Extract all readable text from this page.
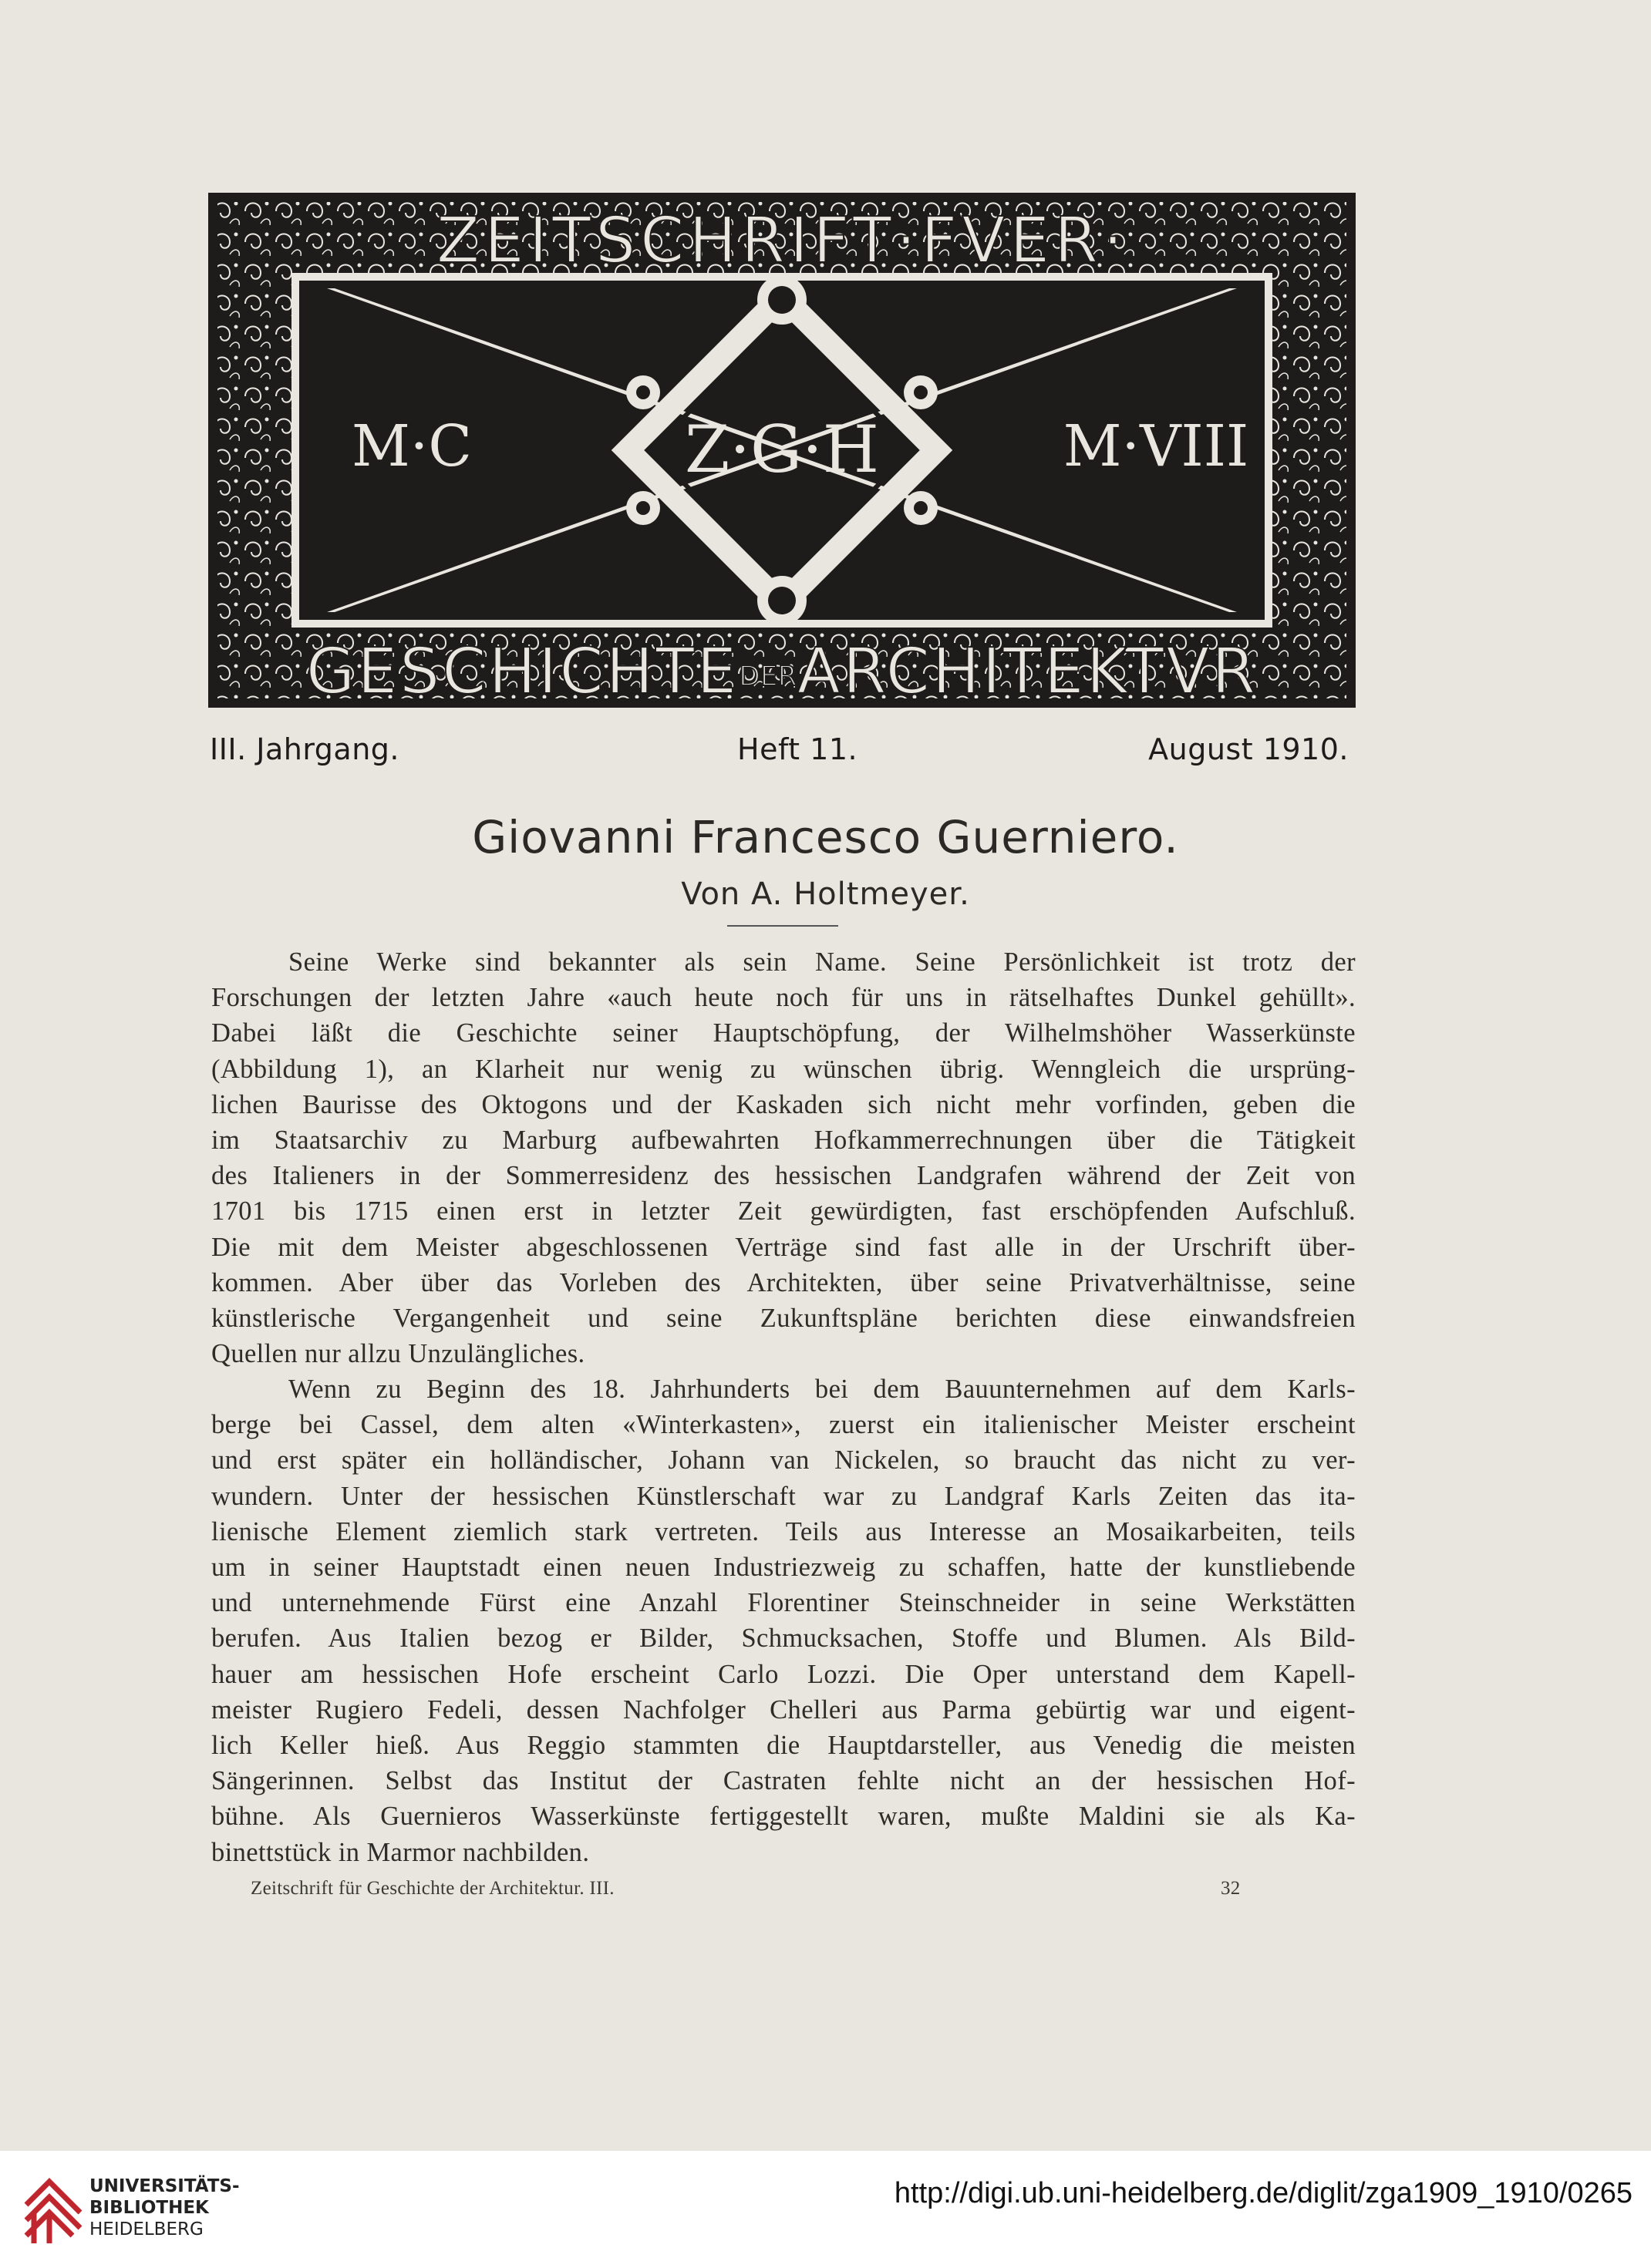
ZEITSCHRIFT·FVER·
GESCHICHTEDERARCHITEKTVR
M·C	M·VIII
Z·G·H
III. Jahrgang.	Heft 11.	August 1910.
Giovanni Francesco Guerniero.
Von A. Holtmeyer.
Seine Werke sind bekannter als sein Name. Seine Persönlichkeit ist trotz der
Forschungen der letzten Jahre «auch heute noch für uns in rätselhaftes Dunkel gehüllt».
Dabei läßt die Geschichte seiner Hauptschöpfung, der Wilhelmshöher Wasserkünste
(Abbildung 1), an Klarheit nur wenig zu wünschen übrig. Wenngleich die ursprüng-
lichen Baurisse des Oktogons und der Kaskaden sich nicht mehr vorfinden, geben die
im Staatsarchiv zu Marburg aufbewahrten Hofkammerrechnungen über die Tätigkeit
des Italieners in der Sommerresidenz des hessischen Landgrafen während der Zeit von
1701 bis 1715 einen erst in letzter Zeit gewürdigten, fast erschöpfenden Aufschluß.
Die mit dem Meister abgeschlossenen Verträge sind fast alle in der Urschrift über-
kommen. Aber über das Vorleben des Architekten, über seine Privatverhältnisse, seine
künstlerische Vergangenheit und seine Zukunftspläne berichten diese einwandsfreien
Quellen nur allzu Unzulängliches.
Wenn zu Beginn des 18. Jahrhunderts bei dem Bauunternehmen auf dem Karls-
berge bei Cassel, dem alten «Winterkasten», zuerst ein italienischer Meister erscheint
und erst später ein holländischer, Johann van Nickelen, so braucht das nicht zu ver-
wundern. Unter der hessischen Künstlerschaft war zu Landgraf Karls Zeiten das ita-
lienische Element ziemlich stark vertreten. Teils aus Interesse an Mosaikarbeiten, teils
um in seiner Hauptstadt einen neuen Industriezweig zu schaffen, hatte der kunstliebende
und unternehmende Fürst eine Anzahl Florentiner Steinschneider in seine Werkstätten
berufen. Aus Italien bezog er Bilder, Schmucksachen, Stoffe und Blumen. Als Bild-
hauer am hessischen Hofe erscheint Carlo Lozzi. Die Oper unterstand dem Kapell-
meister Rugiero Fedeli, dessen Nachfolger Chelleri aus Parma gebürtig war und eigent-
lich Keller hieß. Aus Reggio stammten die Hauptdarsteller, aus Venedig die meisten
Sängerinnen. Selbst das Institut der Castraten fehlte nicht an der hessischen Hof-
bühne. Als Guernieros Wasserkünste fertiggestellt waren, mußte Maldini sie als Ka-
binettstück in Marmor nachbilden.
Zeitschrift für Geschichte der Architektur. III.	32
UNIVERSITÄTS-
BIBLIOTHEK
HEIDELBERG
http://digi.ub.uni-heidelberg.de/diglit/zga1909_1910/0265
